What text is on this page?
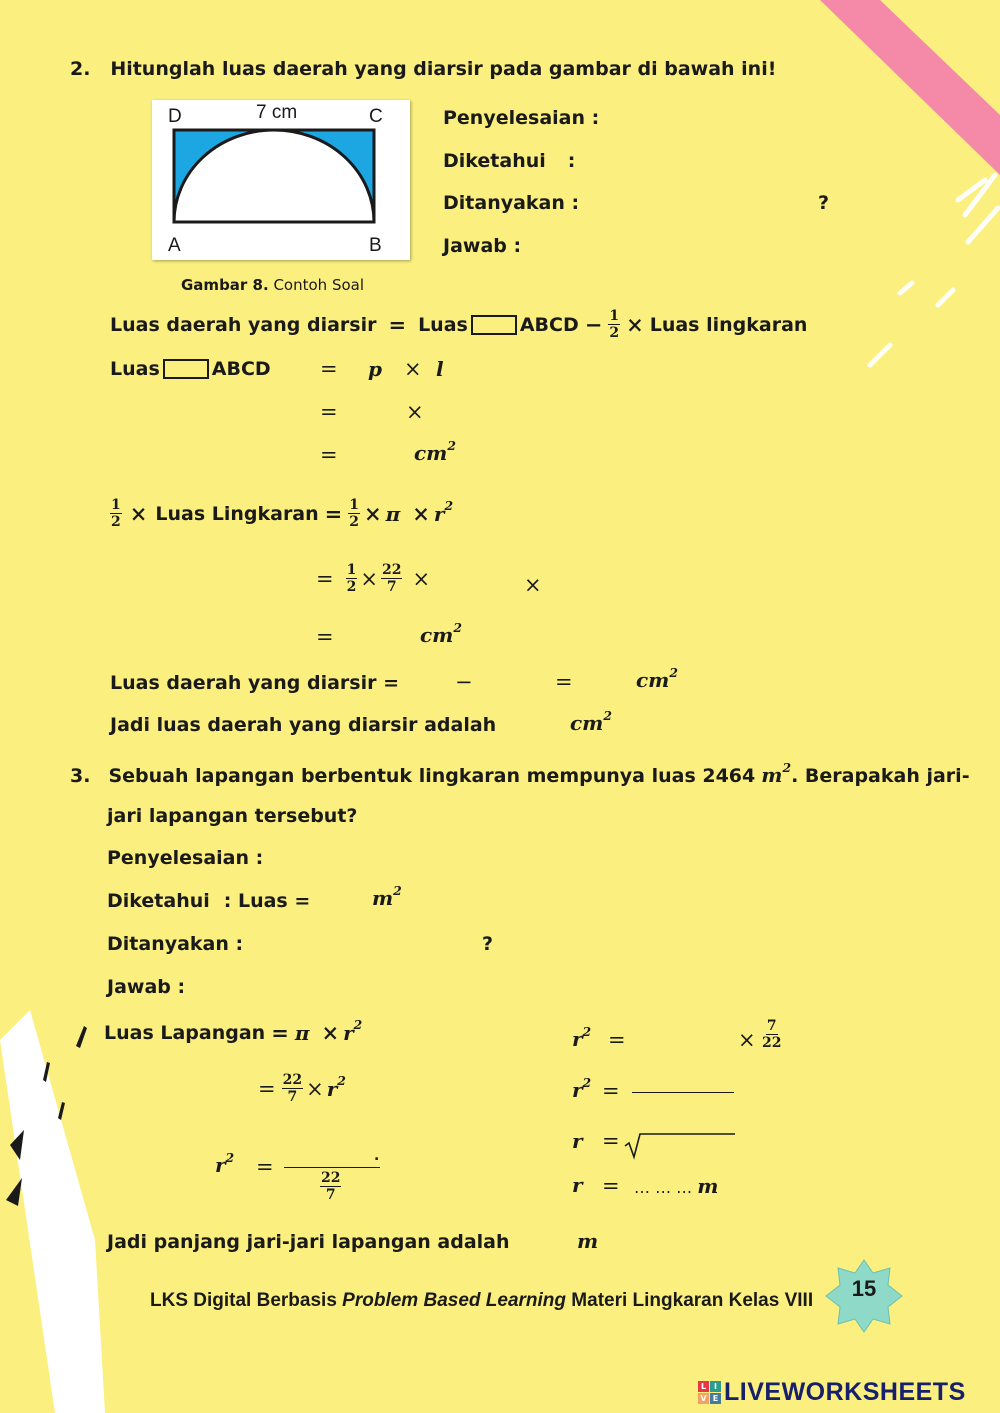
2. Hitunglah luas daerah yang diarsir pada gambar di bawah ini!
D	7 cm	C
A	B
Gambar 8. Contoh Soal
Penyelesaian :
Diketahui :
Ditanyakan :	?
Jawab :
Luas daerah yang diarsir = Luas	ABCD − $\frac{1}{2}$ × Luas lingkaran
Luas	ABCD = p × l
=	×
=	$cm^2$
$\frac{1}{2}$ × Luas Lingkaran = $\frac{1}{2} \times \pi \times r^2$
= $\frac{1}{2} \times \frac{22}{7}$ ×	×
=	$cm^2$
Luas daerah yang diarsir =	−	=	$cm^2$
Jadi luas daerah yang diarsir adalah	$cm^2$
3. Sebuah lapangan berbentuk lingkaran mempunya luas 2464 $m^2$ . Berapakah jari-
jari lapangan tersebut?
Penyelesaian :
Diketahui : Luas =	$m^2$
Ditanyakan :	?
Jawab :
Luas Lapangan = $\pi \times r^2$
= $\frac{22}{7} \times r^2$
$r^2$ =	.
$\frac{22}{7}$
$r^2$ =	× $\frac{7}{22}$
$r^2$ =
r =
r = … … … m
Jadi panjang jari-jari lapangan adalah	m
LKS Digital Berbasis Problem Based Learning Materi Lingkaran Kelas VIII	15
L I
V E LIVEWORKSHEETS
